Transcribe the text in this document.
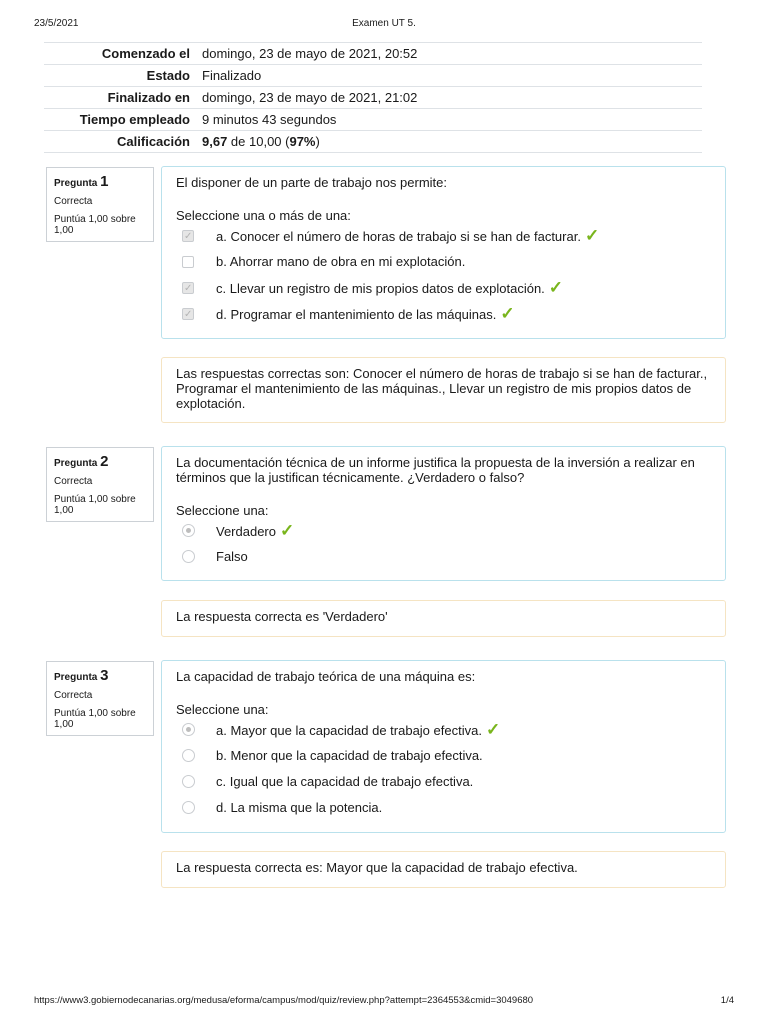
23/5/2021	Examen UT 5.
Comenzado el	domingo, 23 de mayo de 2021, 20:52
Estado	Finalizado
Finalizado en	domingo, 23 de mayo de 2021, 21:02
Tiempo empleado	9 minutos 43 segundos
Calificación	9,67 de 10,00 (97%)
Pregunta 1
Correcta
Puntúa 1,00 sobre 1,00
El disponer de un parte de trabajo nos permite:
Seleccione una o más de una:
✓
a. Conocer el número de horas de trabajo si se han de facturar. ✓
b. Ahorrar mano de obra en mi explotación.
✓
c. Llevar un registro de mis propios datos de explotación. ✓
✓
d. Programar el mantenimiento de las máquinas. ✓
Las respuestas correctas son: Conocer el número de horas de trabajo si se han de facturar., Programar el mantenimiento de las máquinas., Llevar un registro de mis propios datos de explotación.
Pregunta 2
Correcta
Puntúa 1,00 sobre 1,00
La documentación técnica de un informe justifica la propuesta de la inversión a realizar en términos que la justifican técnicamente. ¿Verdadero o falso?
Seleccione una:
Verdadero ✓
Falso
La respuesta correcta es 'Verdadero'
Pregunta 3
Correcta
Puntúa 1,00 sobre 1,00
La capacidad de trabajo teórica de una máquina es:
Seleccione una:
a. Mayor que la capacidad de trabajo efectiva. ✓
b. Menor que la capacidad de trabajo efectiva.
c. Igual que la capacidad de trabajo efectiva.
d. La misma que la potencia.
La respuesta correcta es: Mayor que la capacidad de trabajo efectiva.
https://www3.gobiernodecanarias.org/medusa/eforma/campus/mod/quiz/review.php?attempt=2364553&cmid=3049680	1/4
